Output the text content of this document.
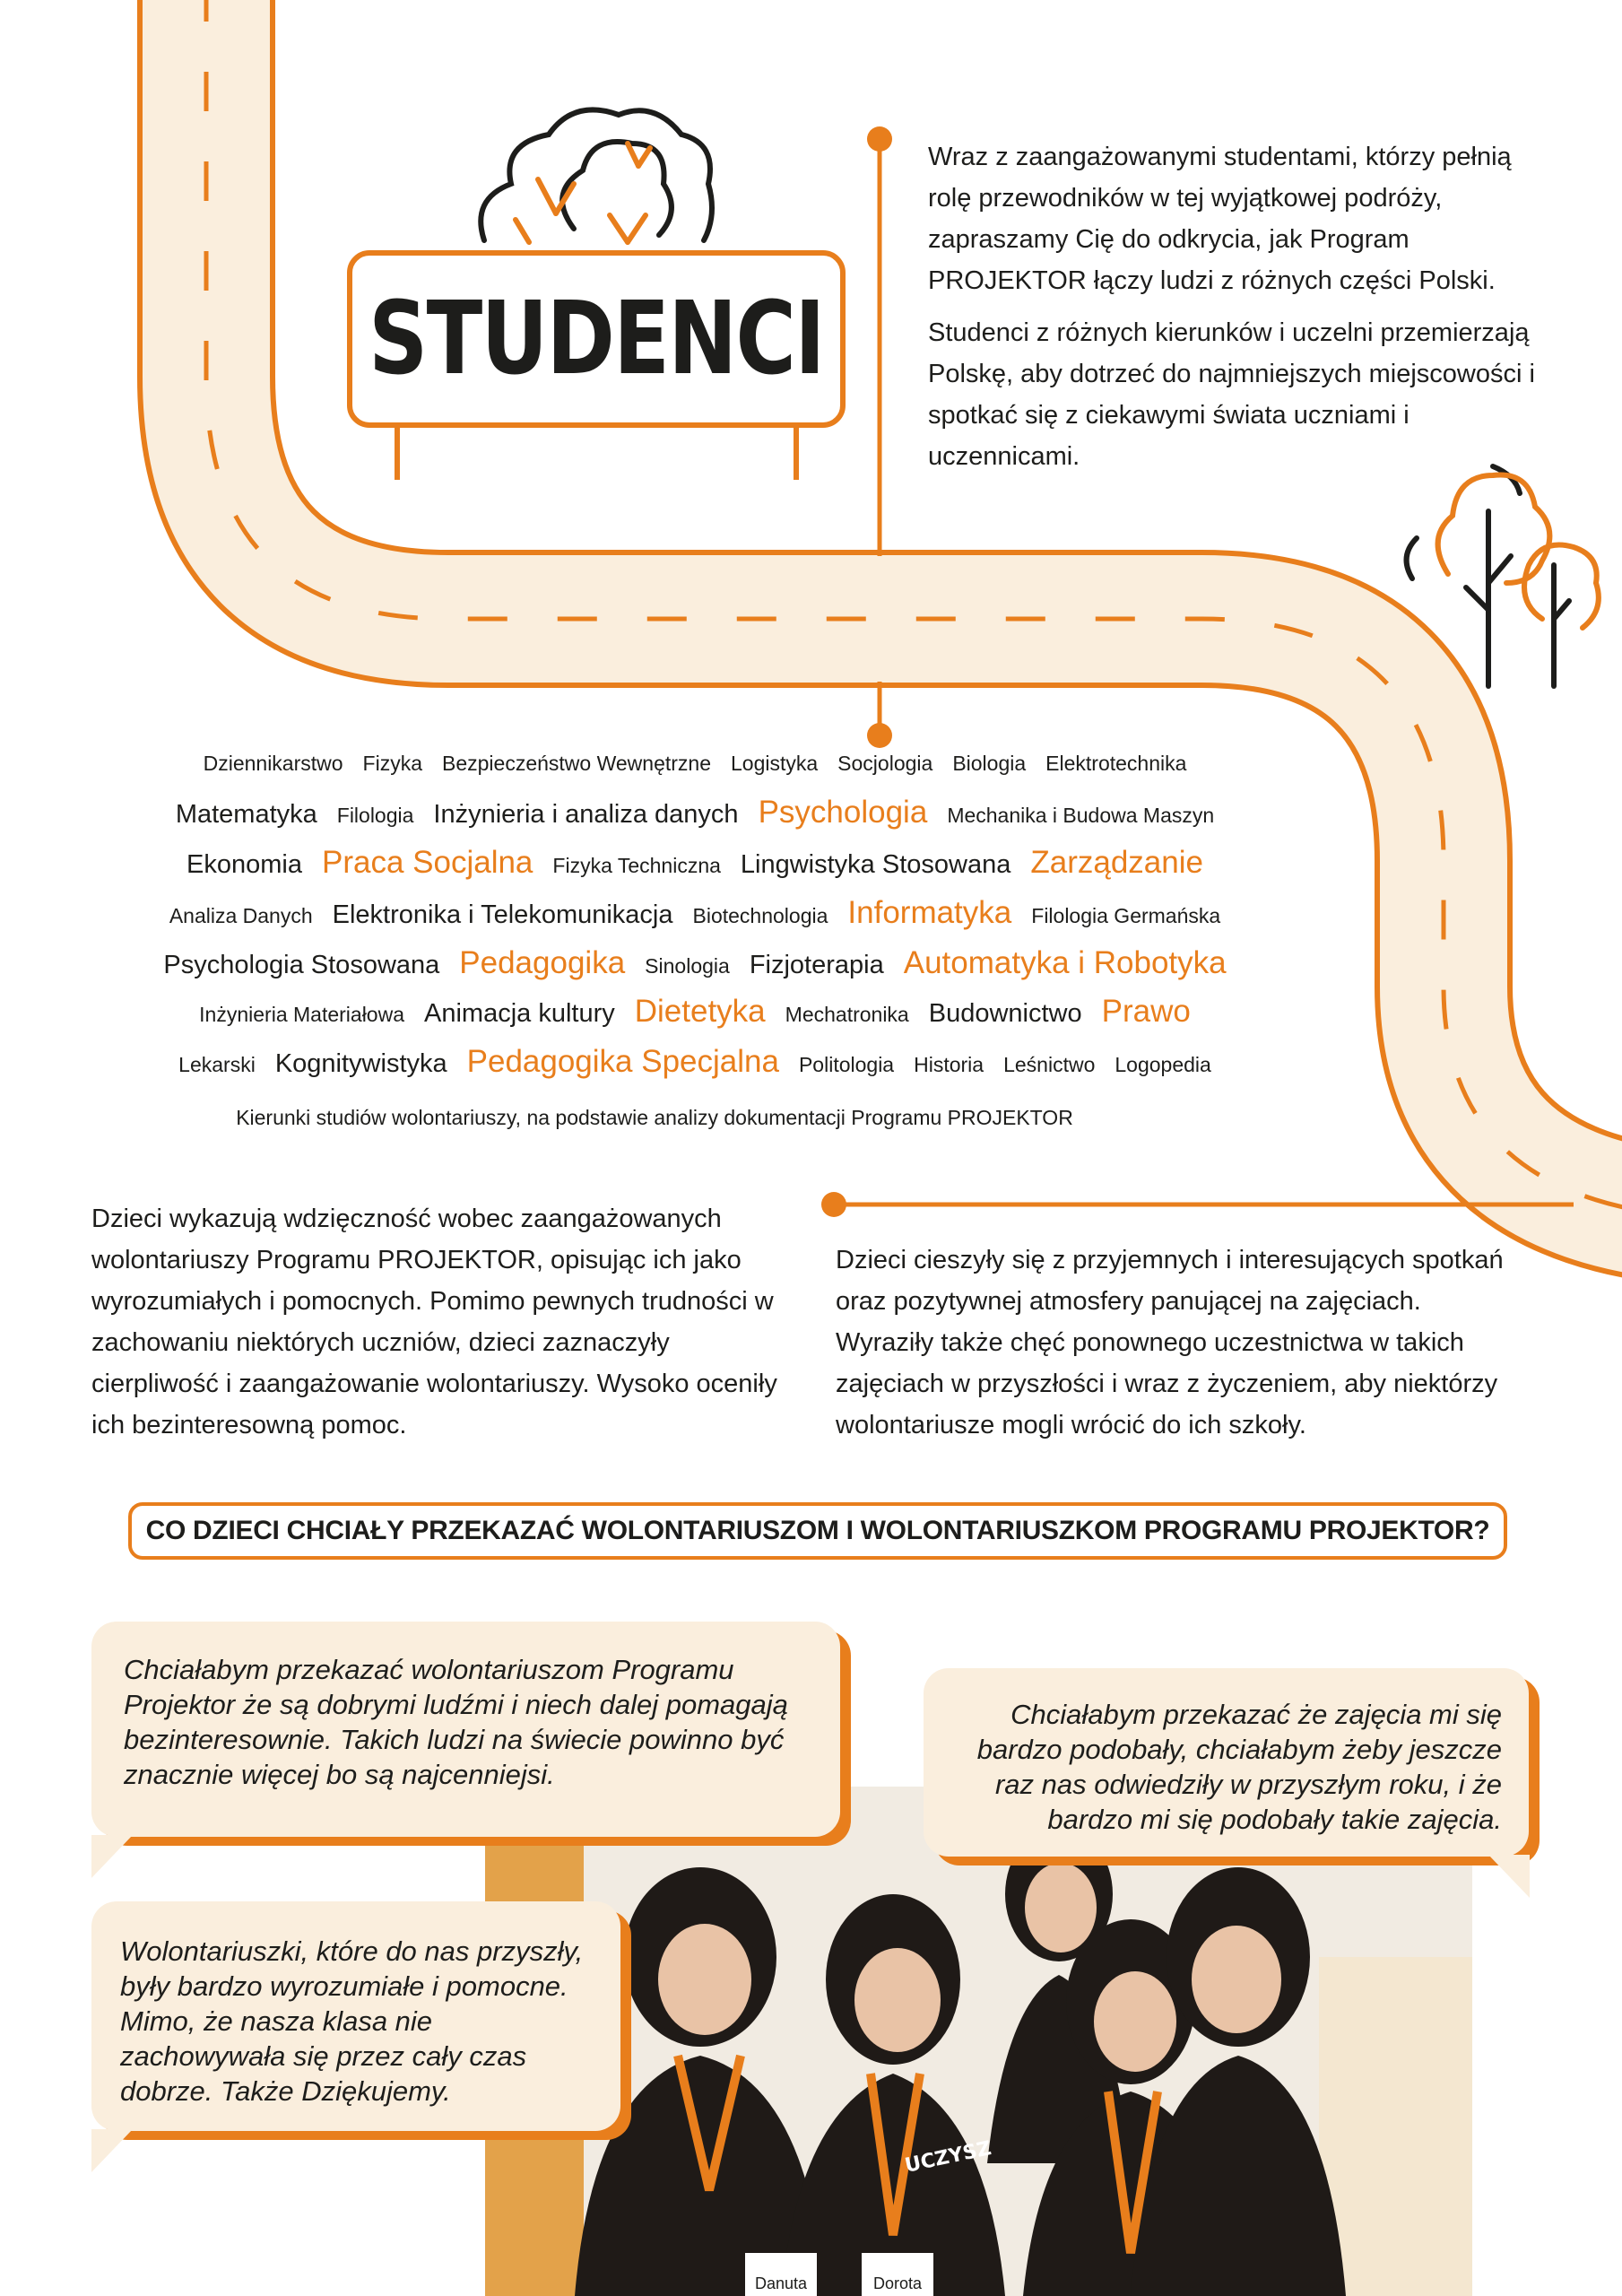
STUDENCI

Wraz z zaangażowanymi studentami, którzy pełnią rolę przewodników w tej wyjątkowej podróży, zapraszamy Cię do odkrycia, jak Program PROJEKTOR łączy ludzi z różnych części Polski.

Studenci z różnych kierunków i uczelni przemierzają Polskę, aby dotrzeć do najmniejszych miejscowości i spotkać się z ciekawymi świata uczniami i uczennicami.

Dziennikarstwo Fizyka Bezpieczeństwo Wewnętrzne Logistyka Socjologia Biologia Elektrotechnika
Matematyka Filologia Inżynieria i analiza danych Psychologia Mechanika i Budowa Maszyn
Ekonomia Praca Socjalna Fizyka Techniczna Lingwistyka Stosowana Zarządzanie
Analiza Danych Elektronika i Telekomunikacja Biotechnologia Informatyka Filologia Germańska
Psychologia Stosowana Pedagogika Sinologia Fizjoterapia Automatyka i Robotyka
Inżynieria Materiałowa Animacja kultury Dietetyka Mechatronika Budownictwo Prawo
Lekarski Kognitywistyka Pedagogika Specjalna Politologia Historia Leśnictwo Logopedia
Kierunki studiów wolontariuszy, na podstawie analizy dokumentacji Programu PROJEKTOR
Dzieci wykazują wdzięczność wobec zaangażowanych wolontariuszy Programu PROJEKTOR, opisując ich jako wyrozumiałych i pomocnych. Pomimo pewnych trudności w zachowaniu niektórych uczniów, dzieci zaznaczyły cierpliwość i zaangażowanie wolontariuszy. Wysoko oceniły ich bezinteresowną pomoc.
Dzieci cieszyły się z przyjemnych i interesujących spotkań oraz pozytywnej atmosfery panującej na zajęciach. Wyraziły także chęć ponownego uczestnictwa w takich zajęciach w przyszłości i wraz z życzeniem, aby niektórzy wolontariusze mogli wrócić do ich szkoły.
CO DZIECI CHCIAŁY PRZEKAZAĆ WOLONTARIUSZOM I WOLONTARIUSZKOM PROGRAMU PROJEKTOR?
Danuta	Dorota
UCZYSZ
Chciałabym przekazać wolontariuszom Programu Projektor że są dobrymi ludźmi i niech dalej pomagają bezinteresownie. Takich ludzi na świecie powinno być znacznie więcej bo są najcenniejsi.
Chciałabym przekazać że zajęcia mi się bardzo podobały, chciałabym żeby jeszcze raz nas odwiedziły w przyszłym roku, i że bardzo mi się podobały takie zajęcia.
Wolontariuszki, które do nas przyszły, były bardzo wyrozumiałe i pomocne. Mimo, że nasza klasa nie zachowywała się przez cały czas dobrze. Także Dziękujemy.
